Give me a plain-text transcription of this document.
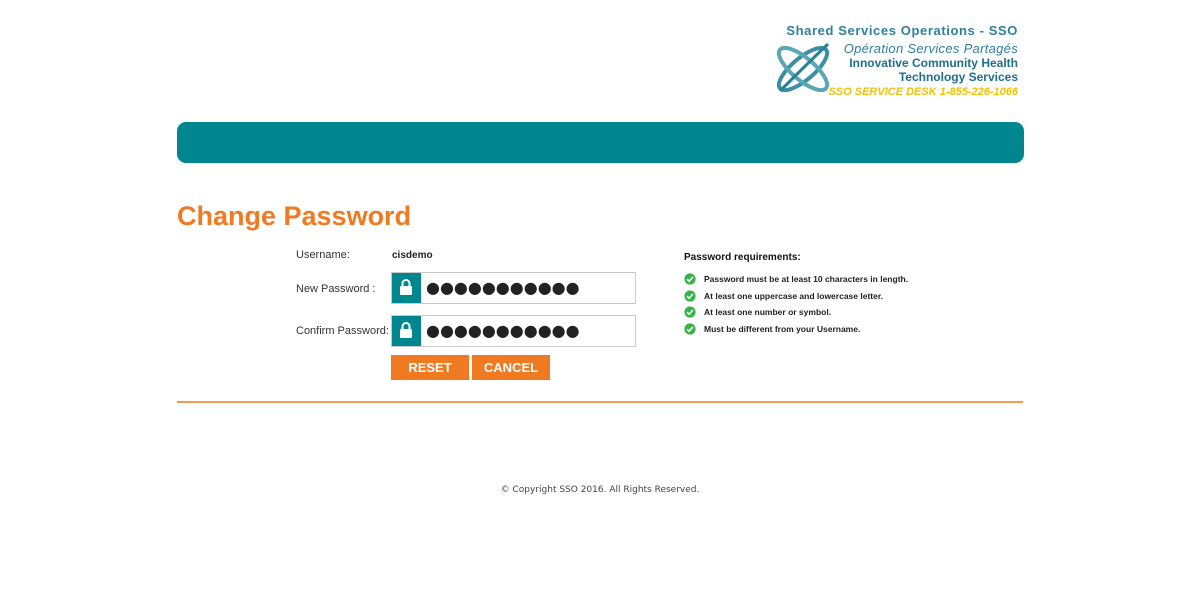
Shared Services Operations - SSO
Opération Services Partagés
Innovative Community Health
Technology Services
SSO SERVICE DESK 1-855-226-1066
Change Password
Username:	cisdemo
New Password :
●●●●●●●●●●●
Confirm Password:
●●●●●●●●●●●
RESET	CANCEL
Password requirements:
Password must be at least 10 characters in length.
At least one uppercase and lowercase letter.
At least one number or symbol.
Must be different from your Username.
© Copyright SSO 2016. All Rights Reserved.
